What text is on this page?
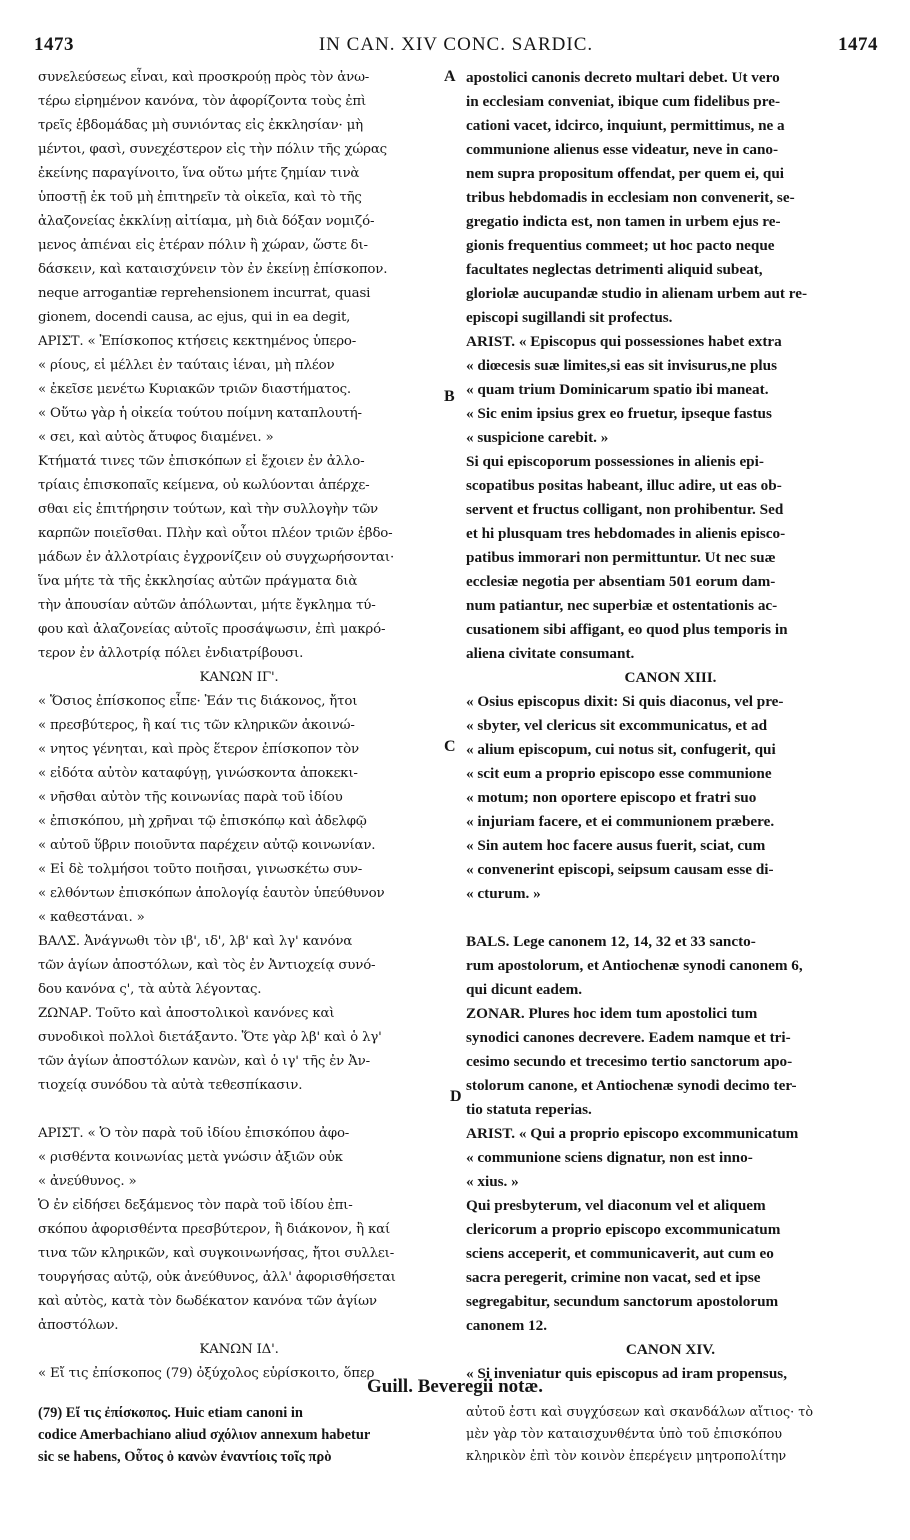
1473	IN CAN. XIV CONC. SARDIC.	1474
συνελεύσεως εἶναι, καὶ προσκρούῃ πρὸς τὸν ἀνω-
τέρω εἰρημένον κανόνα, τὸν ἀφορίζοντα τοὺς ἐπὶ
τρεῖς ἑβδομάδας μὴ συνιόντας εἰς ἐκκλησίαν· μὴ
μέντοι, φασὶ, συνεχέστερον εἰς τὴν πόλιν τῆς χώρας
ἐκείνης παραγίνοιτο, ἵνα οὕτω μήτε ζημίαν τινὰ
ὑποστῇ ἐκ τοῦ μὴ ἐπιτηρεῖν τὰ οἰκεῖα, καὶ τὸ τῆς
ἀλαζονείας ἐκκλίνῃ αἰτίαμα, μὴ διὰ δόξαν νομιζό-
μενος ἀπιέναι εἰς ἑτέραν πόλιν ἢ χώραν, ὥστε δι-
δάσκειν, καὶ καταισχύνειν τὸν ἐν ἐκείνῃ ἐπίσκοπον.
neque arrogantiæ reprehensionem incurrat, quasi
gionem, docendi causa, ac ejus, qui in ea degit,
ΑΡΙΣΤ. « Ἐπίσκοπος κτήσεις κεκτημένος ὑπερο-
« ρίους, εἰ μέλλει ἐν ταύταις ἰέναι, μὴ πλέον
« ἐκεῖσε μενέτω Κυριακῶν τριῶν διαστήματος.
« Οὕτω γὰρ ἡ οἰκεία τούτου ποίμνη καταπλουτή-
« σει, καὶ αὐτὸς ἄτυφος διαμένει. »
Κτήματά τινες τῶν ἐπισκόπων εἰ ἔχοιεν ἐν ἀλλο-
τρίαις ἐπισκοπαῖς κείμενα, οὐ κωλύονται ἀπέρχε-
σθαι εἰς ἐπιτήρησιν τούτων, καὶ τὴν συλλογὴν τῶν
καρπῶν ποιεῖσθαι. Πλὴν καὶ οὗτοι πλέον τριῶν ἑβδο-
μάδων ἐν ἀλλοτρίαις ἐγχρονίζειν οὐ συγχωρήσονται·
ἵνα μήτε τὰ τῆς ἐκκλησίας αὐτῶν πράγματα διὰ
τὴν ἀπουσίαν αὐτῶν ἀπόλωνται, μήτε ἔγκλημα τύ-
φου καὶ ἀλαζονείας αὐτοῖς προσάψωσιν, ἐπὶ μακρό-
τερον ἐν ἀλλοτρίᾳ πόλει ἐνδιατρίβουσι.
ΚΑΝΩΝ ΙΓ'.
« Ὅσιος ἐπίσκοπος εἶπε· Ἐάν τις διάκονος, ἤτοι
« πρεσβύτερος, ἢ καί τις τῶν κληρικῶν ἀκοινώ-
« νητος γένηται, καὶ πρὸς ἕτερον ἐπίσκοπον τὸν
« εἰδότα αὐτὸν καταφύγῃ, γινώσκοντα ἀποκεκι-
« νῆσθαι αὐτὸν τῆς κοινωνίας παρὰ τοῦ ἰδίου
« ἐπισκόπου, μὴ χρῆναι τῷ ἐπισκόπῳ καὶ ἀδελφῷ
« αὐτοῦ ὕβριν ποιοῦντα παρέχειν αὐτῷ κοινωνίαν.
« Εἰ δὲ τολμήσοι τοῦτο ποιῆσαι, γινωσκέτω συν-
« ελθόντων ἐπισκόπων ἀπολογίᾳ ἑαυτὸν ὑπεύθυνον
« καθεστάναι. »
ΒΑΛΣ. Ἀνάγνωθι τὸν ιβ', ιδ', λβ' καὶ λγ' κανόνα
τῶν ἁγίων ἀποστόλων, καὶ τὸς ἐν Ἀντιοχείᾳ συνό-
δου κανόνα ς', τὰ αὐτὰ λέγοντας.
ΖΩΝΑΡ. Τοῦτο καὶ ἀποστολικοὶ κανόνες καὶ
συνοδικοὶ πολλοὶ διετάξαντο. Ὅτε γὰρ λβ' καὶ ὁ λγ'
τῶν ἁγίων ἀποστόλων κανὼν, καὶ ὁ ιγ' τῆς ἐν Ἀν-
τιοχείᾳ συνόδου τὰ αὐτὰ τεθεσπίκασιν.
ΑΡΙΣΤ. « Ὁ τὸν παρὰ τοῦ ἰδίου ἐπισκόπου ἀφο-
« ρισθέντα κοινωνίας μετὰ γνώσιν ἀξιῶν οὐκ
« ἀνεύθυνος. »
Ὁ ἐν εἰδήσει δεξάμενος τὸν παρὰ τοῦ ἰδίου ἐπι-
σκόπου ἀφορισθέντα πρεσβύτερον, ἢ διάκονον, ἢ καί
τινα τῶν κληρικῶν, καὶ συγκοινωνήσας, ἤτοι συλλει-
τουργήσας αὐτῷ, οὐκ ἀνεύθυνος, ἀλλ' ἀφορισθήσεται
καὶ αὐτὸς, κατὰ τὸν δωδέκατον κανόνα τῶν ἁγίων
ἀποστόλων.
ΚΑΝΩΝ ΙΔ'.
« Εἴ τις ἐπίσκοπος (79) ὀξύχολος εὑρίσκοιτο, ὅπερ
apostolici canonis decreto multari debet. Ut vero
in ecclesiam conveniat, ibique cum fidelibus pre-
cationi vacet, idcirco, inquiunt, permittimus, ne a
communione alienus esse videatur, neve in cano-
nem supra propositum offendat, per quem ei, qui
tribus hebdomadis in ecclesiam non convenerit, se-
gregatio indicta est, non tamen in urbem ejus re-
gionis frequentius commeet; ut hoc pacto neque
facultates neglectas detrimenti aliquid subeat,
gloriolæ aucupandæ studio in alienam urbem aut re-
episcopi sugillandi sit profectus.
ARIST. « Episcopus qui possessiones habet extra
« diœcesis suæ limites,si eas sit invisurus,ne plus
« quam trium Dominicarum spatio ibi maneat.
« Sic enim ipsius grex eo fruetur, ipseque fastus
« suspicione carebit. »
Si qui episcoporum possessiones in alienis epi-
scopatibus positas habeant, illuc adire, ut eas ob-
servent et fructus colligant, non prohibentur. Sed
et hi plusquam tres hebdomades in alienis episco-
patibus immorari non permittuntur. Ut nec suæ
ecclesiæ negotia per absentiam 501 eorum dam-
num patiantur, nec superbiæ et ostentationis ac-
cusationem sibi affigant, eo quod plus temporis in
aliena civitate consumant.
CANON XIII.
« Osius episcopus dixit: Si quis diaconus, vel pre-
« sbyter, vel clericus sit excommunicatus, et ad
« alium episcopum, cui notus sit, confugerit, qui
« scit eum a proprio episcopo esse communione
« motum; non oportere episcopo et fratri suo
« injuriam facere, et ei communionem præbere.
« Sin autem hoc facere ausus fuerit, sciat, cum
« convenerint episcopi, seipsum causam esse di-
« cturum. »
BALS. Lege canonem 12, 14, 32 et 33 sancto-
rum apostolorum, et Antiochenæ synodi canonem 6,
qui dicunt eadem.
ZONAR. Plures hoc idem tum apostolici tum
synodici canones decrevere. Eadem namque et tri-
cesimo secundo et trecesimo tertio sanctorum apo-
stolorum canone, et Antiochenæ synodi decimo ter-
tio statuta reperias.
ARIST. « Qui a proprio episcopo excommunicatum
« communione sciens dignatur, non est inno-
« xius. »
Qui presbyterum, vel diaconum vel et aliquem
clericorum a proprio episcopo excommunicatum
sciens acceperit, et communicaverit, aut cum eo
sacra peregerit, crimine non vacat, sed et ipse
segregabitur, secundum sanctorum apostolorum
canonem 12.
CANON XIV.
« Si inveniatur quis episcopus ad iram propensus,
A
B
C
D
Guill. Beveregii notæ.
(79) Εἴ τις ἐπίσκοπος. Huic etiam canoni in
codice Amerbachiano aliud σχόλιον annexum habetur
sic se habens, Οὗτος ὁ κανὼν ἐναντίοις τοῖς πρὸ
αὐτοῦ ἐστι καὶ συγχύσεων καὶ σκανδάλων αἴτιος· τὸ
μὲν γὰρ τὸν καταισχυνθέντα ὑπὸ τοῦ ἐπισκόπου
κληρικὸν ἐπὶ τὸν κοινὸν ἐπερέγειν μητροπολίτην
